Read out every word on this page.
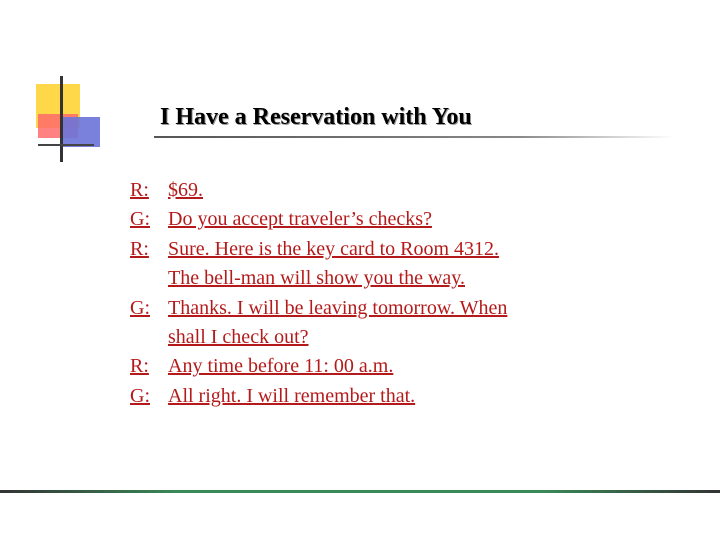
I Have a Reservation with You
R: $69.
G: Do you accept traveler’s checks?
R: Sure. Here is the key card to Room 4312.
The bell-man will show you the way.
G: Thanks. I will be leaving tomorrow. When
shall I check out?
R: Any time before 11: 00 a.m.
G: All right. I will remember that.
